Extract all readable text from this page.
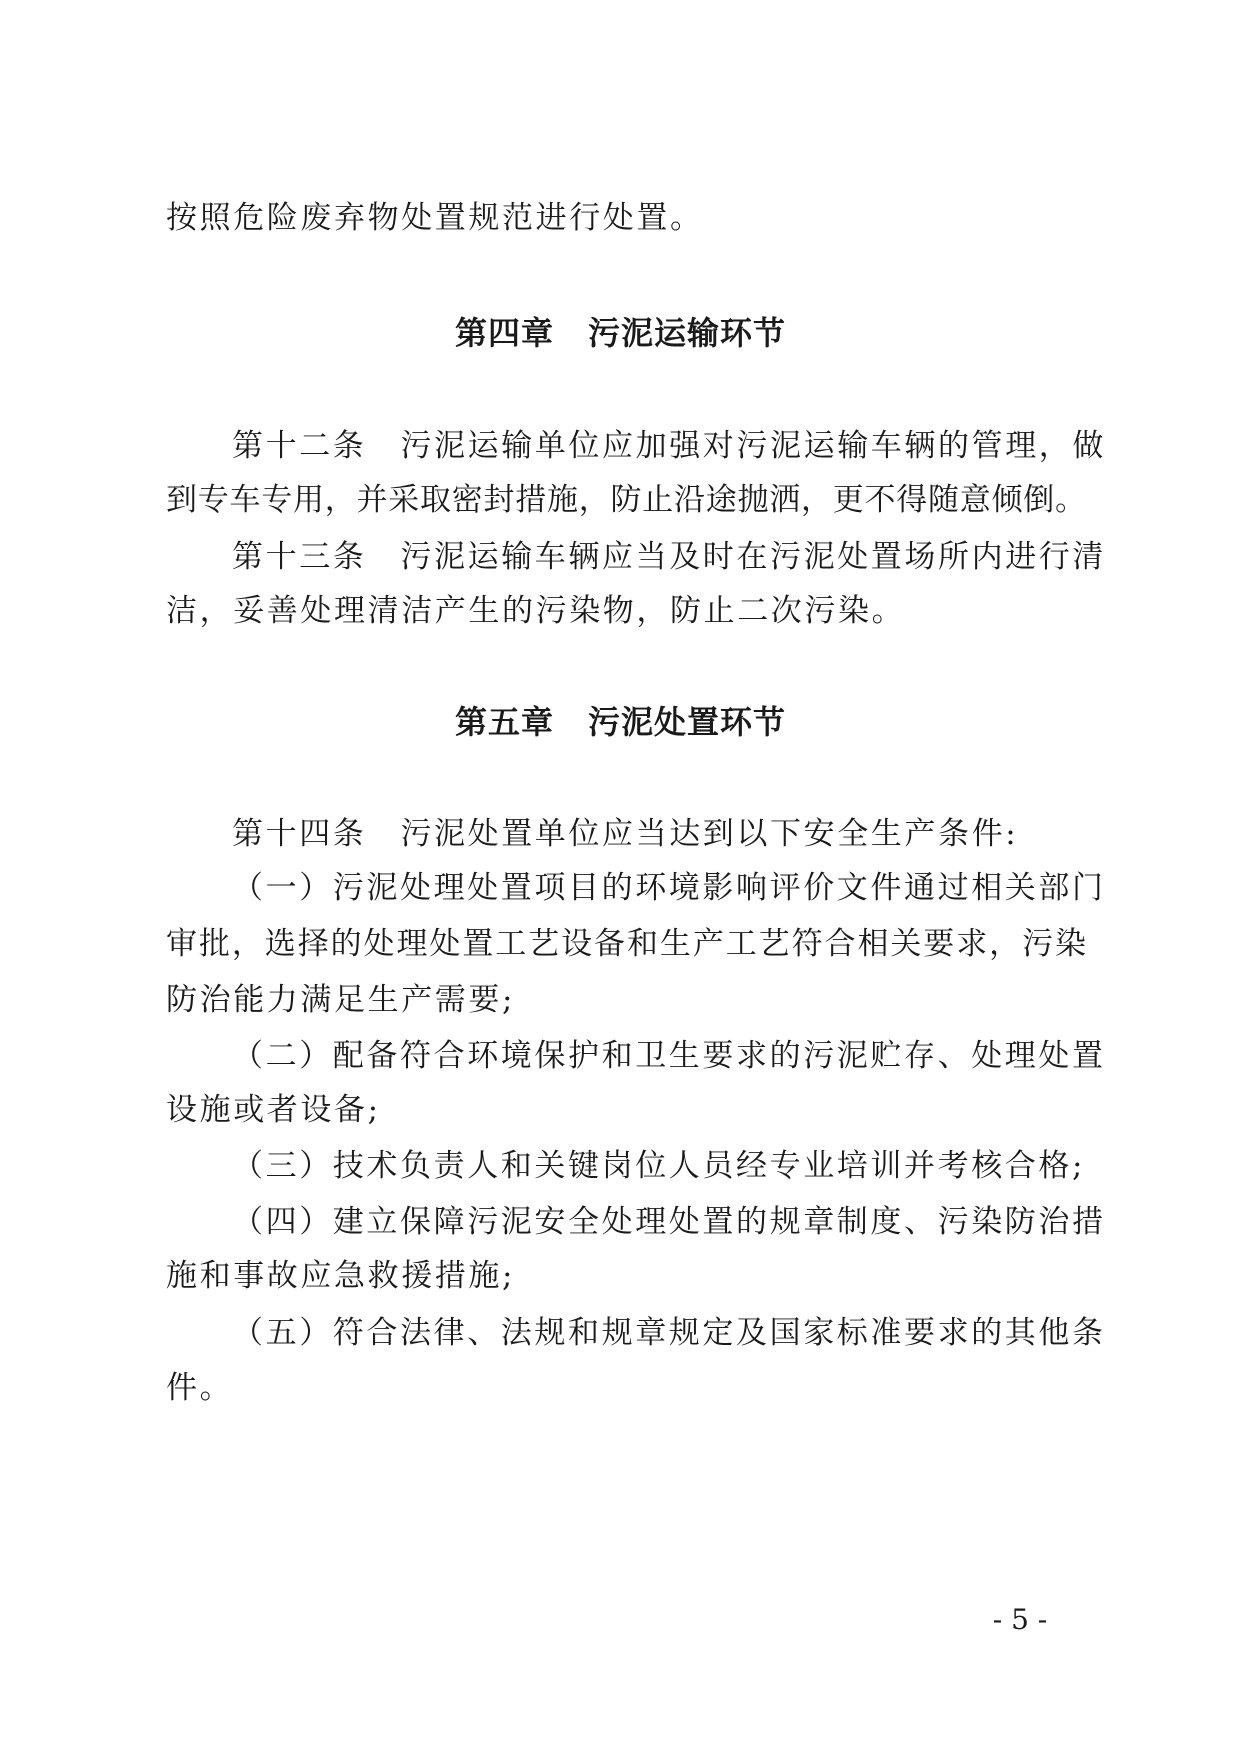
按照危险废弃物处置规范进行处置。
第四章 污泥运输环节
第十二条 污泥运输单位应加强对污泥运输车辆的管理，做
到专车专用，并采取密封措施，防止沿途抛洒，更不得随意倾倒。
第十三条 污泥运输车辆应当及时在污泥处置场所内进行清
洁，妥善处理清洁产生的污染物，防止二次污染。
第五章 污泥处置环节
第十四条 污泥处置单位应当达到以下安全生产条件:
（一）污泥处理处置项目的环境影响评价文件通过相关部门
审批，选择的处理处置工艺设备和生产工艺符合相关要求，污染
防治能力满足生产需要;
（二）配备符合环境保护和卫生要求的污泥贮存、处理处置
设施或者设备;
（三）技术负责人和关键岗位人员经专业培训并考核合格;
（四）建立保障污泥安全处理处置的规章制度、污染防治措
施和事故应急救援措施;
（五）符合法律、法规和规章规定及国家标准要求的其他条
件。
- 5 -
